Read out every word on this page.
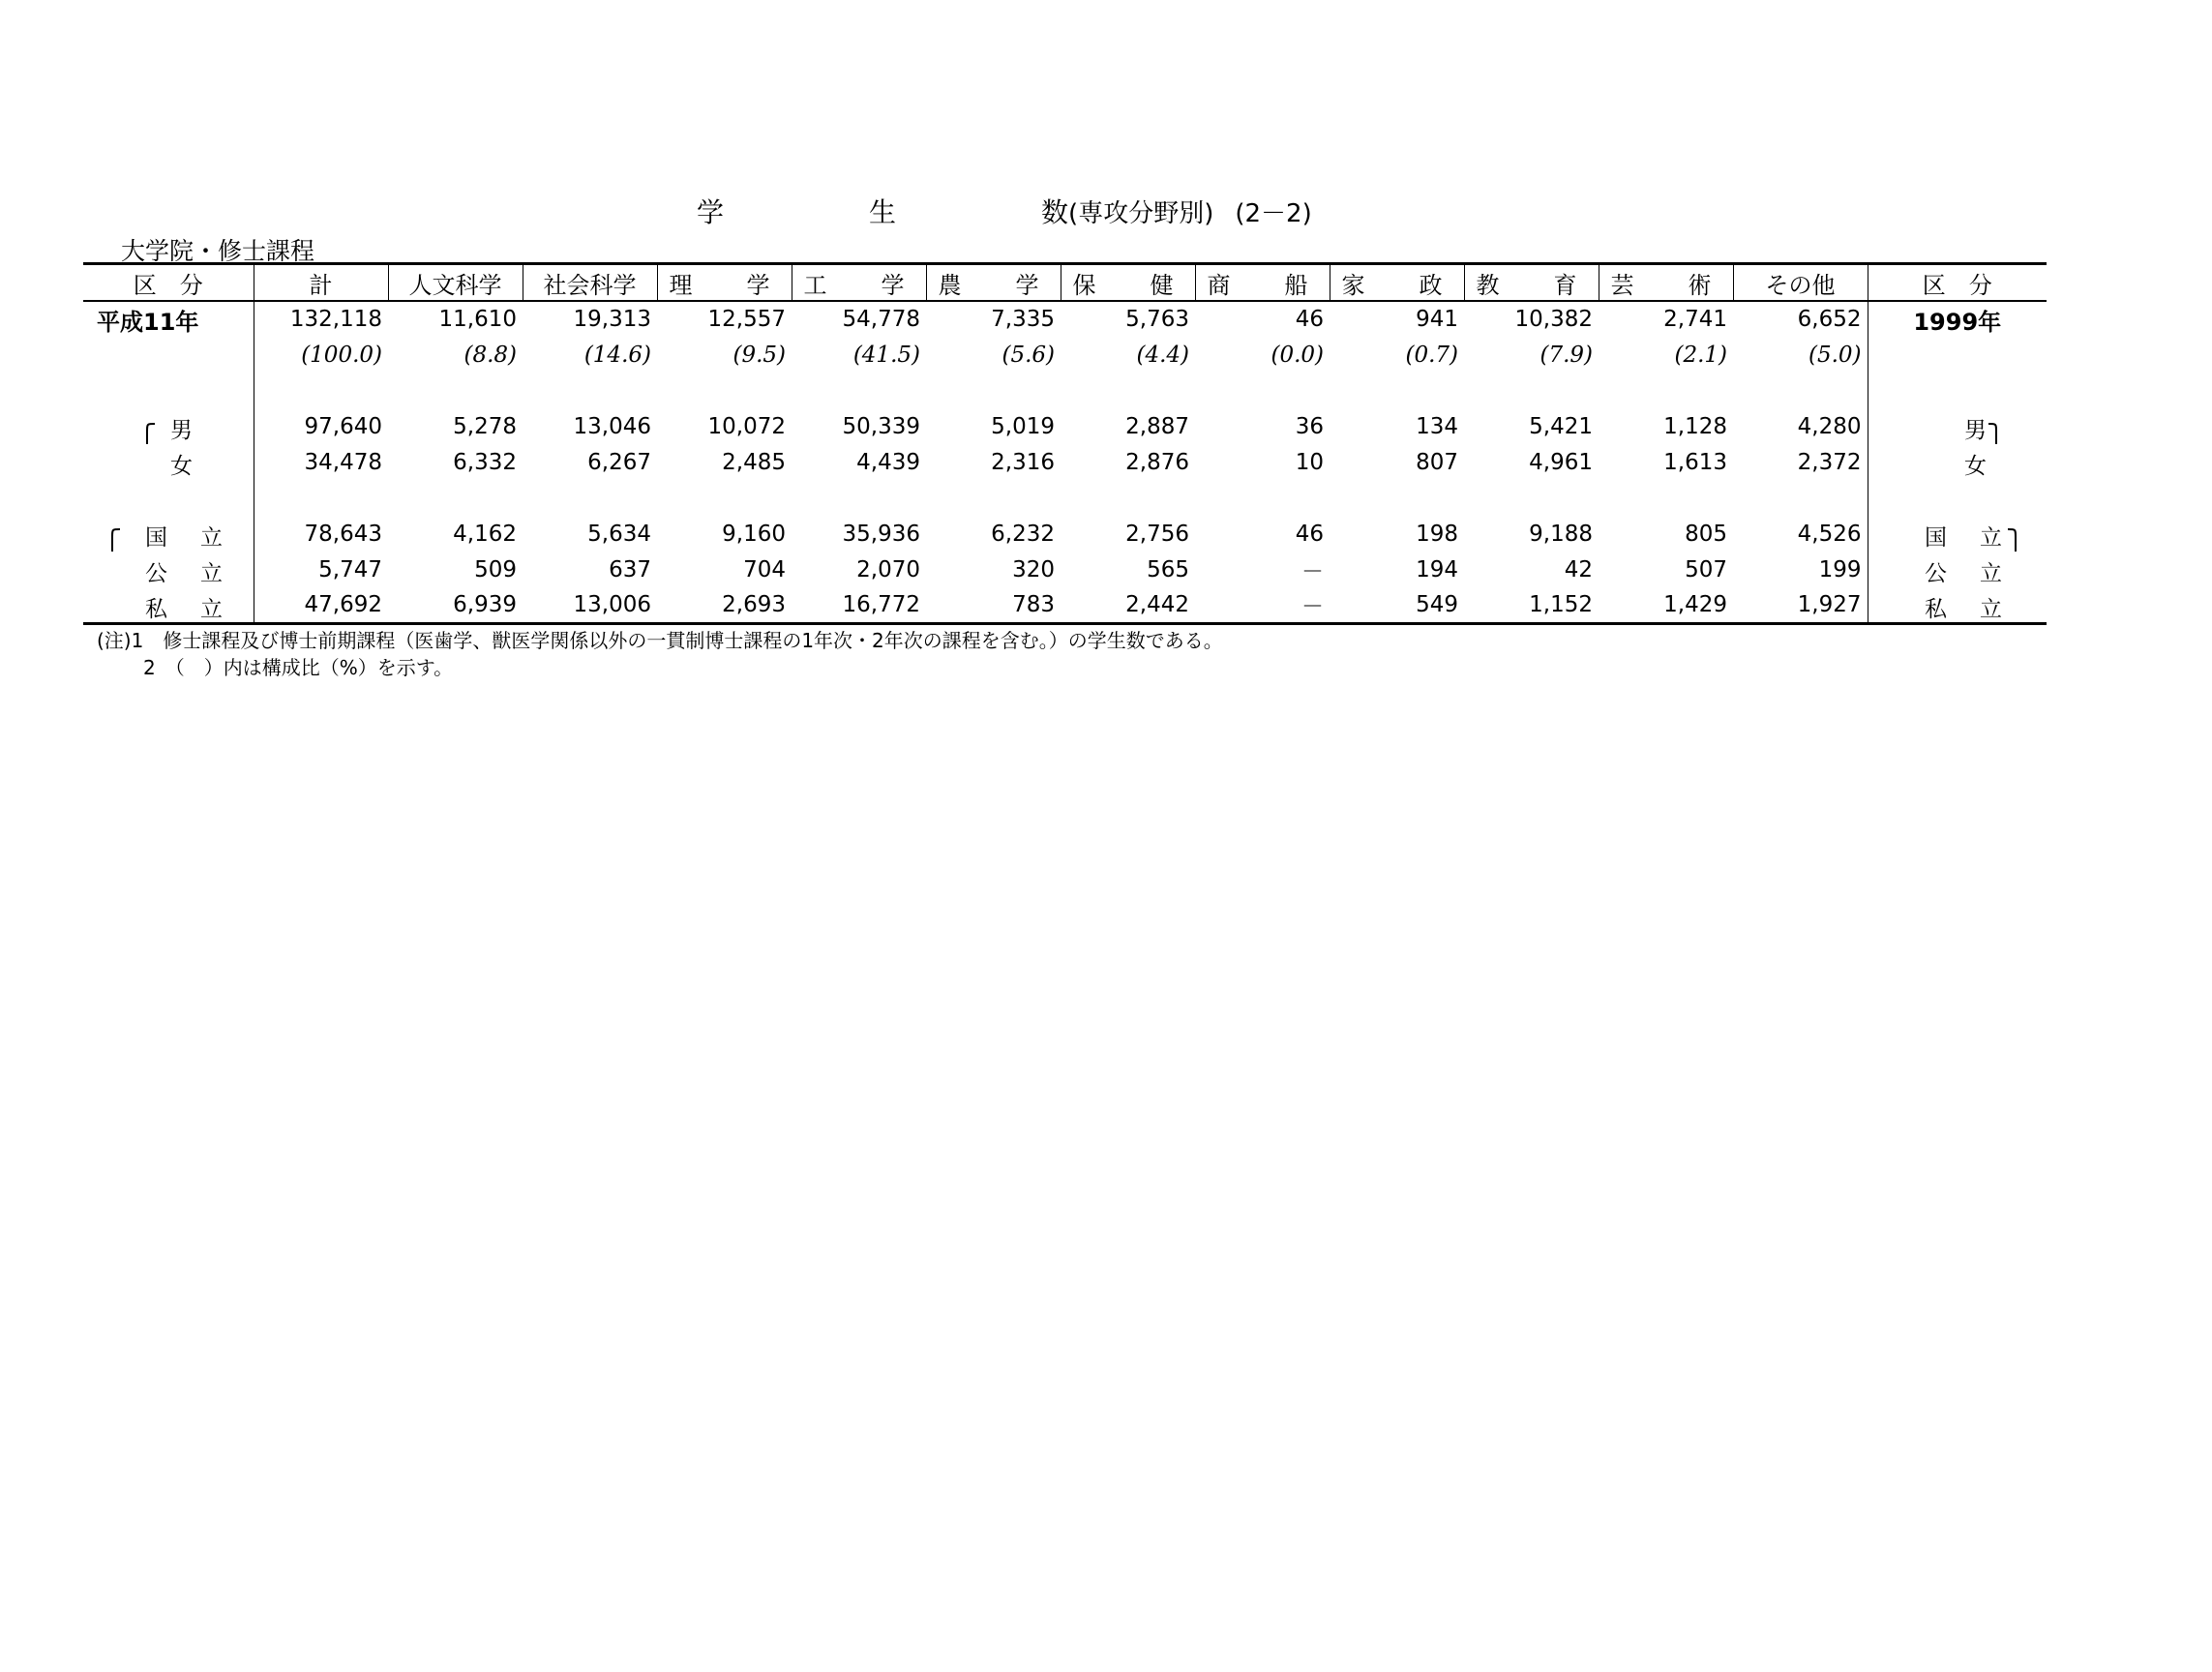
学	生	数(専攻分野別) (2－2)
大学院・修士課程
区　分	計	人文科学	社会科学	理　学	工　学	農　学	保　健	商　船	家　政	教　育	芸　術	その他	区　分
平成11年	132,118	11,610	19,313	12,557	54,778	7,335	5,763	46	941	10,382	2,741	6,652	1999年
	(100.0)	(8.8)	(14.6)	(9.5)	(41.5)	(5.6)	(4.4)	(0.0)	(0.7)	(7.9)	(2.1)	(5.0)	

男	97,640	5,278	13,046	10,072	50,339	5,019	2,887	36	134	5,421	1,128	4,280	男

女	34,478	6,332	6,267	2,485	4,439	2,316	2,876	10	807	4,961	1,613	2,372	女

国立	78,643	4,162	5,634	9,160	35,936	6,232	2,756	46	198	9,188	805	4,526	国立

公立	5,747	509	637	704	2,070	320	565	－	194	42	507	199	公立

私立	47,692	6,939	13,006	2,693	16,772	783	2,442	－	549	1,152	1,429	1,927	私立
(注)1　修士課程及び博士前期課程（医歯学、獣医学関係以外の一貫制博士課程の1年次・2年次の課程を含む。）の学生数である。
2　（　）内は構成比（%）を示す。
